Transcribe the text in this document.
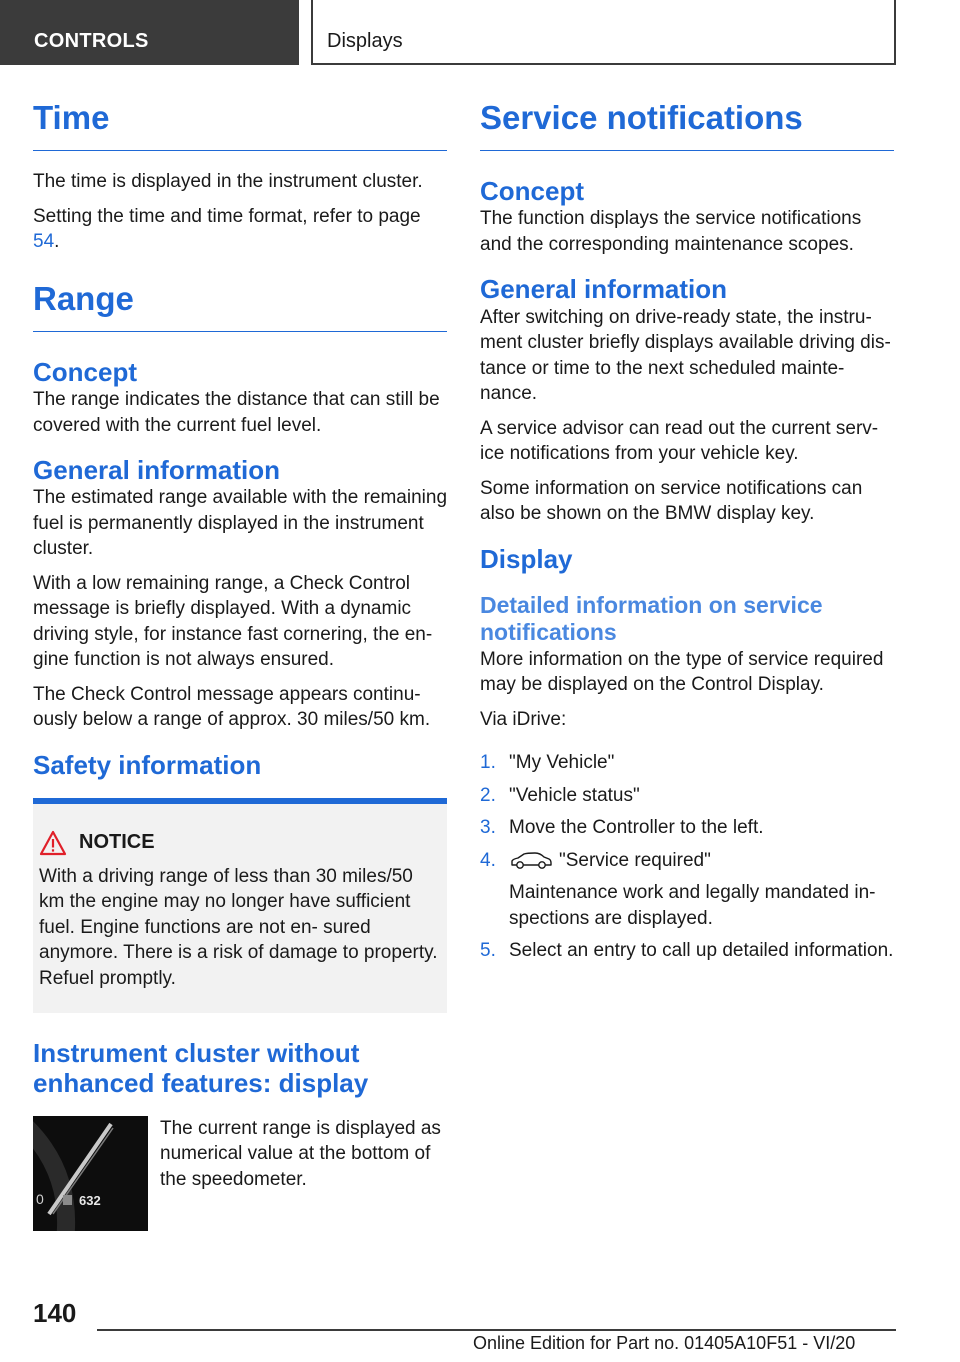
CONTROLS	Displays
Time

The time is displayed in the instrument cluster.

Setting the time and time format, refer to page 54.

Range
Concept

The range indicates the distance that can still be covered with the current fuel level.

General information

The estimated range available with the remaining fuel is permanently displayed in the instrument cluster.

With a low remaining range, a Check Control message is briefly displayed. With a dynamic driving style, for instance fast cornering, the en‐ gine function is not always ensured.

The Check Control message appears continu‐ ously below a range of approx. 30 miles/50 km.

Safety information
NOTICE

With a driving range of less than 30 miles/50 km the engine may no longer have sufficient fuel. Engine functions are not en‐ sured anymore. There is a risk of damage to property. Refuel promptly.

Instrument cluster without enhanced features: display
0	632

The current range is displayed as numerical value at the bottom of the speedometer.

Service notifications
Concept

The function displays the service notifications and the corresponding maintenance scopes.

General information

After switching on drive-ready state, the instru‐ ment cluster briefly displays available driving dis‐ tance or time to the next scheduled mainte‐ nance.

A service advisor can read out the current serv‐ ice notifications from your vehicle key.

Some information on service notifications can also be shown on the BMW display key.

Display
Detailed information on service notifications

More information on the type of service required may be displayed on the Control Display.

Via iDrive:

1. "My Vehicle"
2. "Vehicle status"
3. Move the Controller to the left.
4.	"Service required"
Maintenance work and legally mandated in‐ spections are displayed.
5. Select an entry to call up detailed information.
140
Online Edition for Part no. 01405A10F51 - VI/20
